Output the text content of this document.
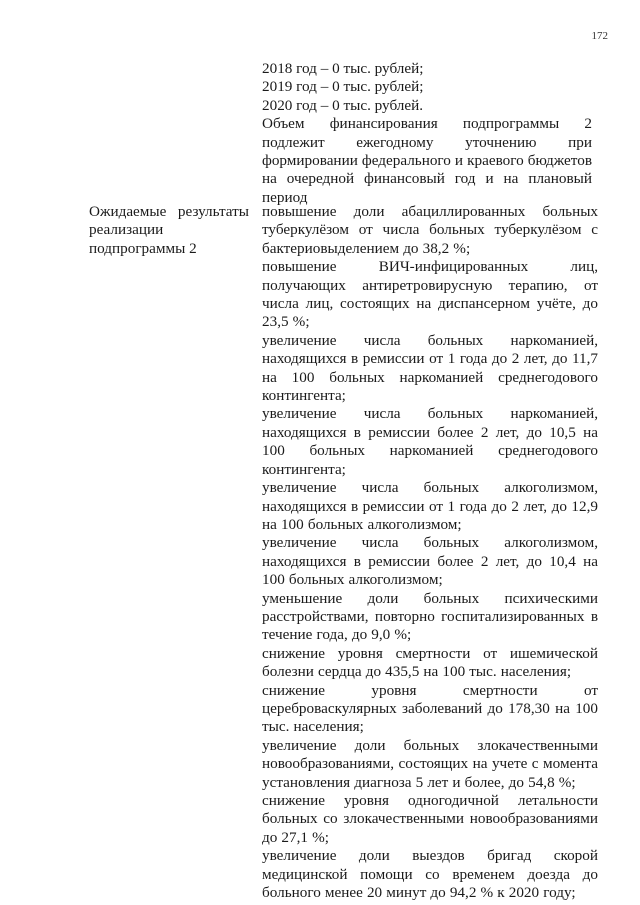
172
2018 год – 0 тыс. рублей;
2019 год – 0 тыс. рублей;
2020 год – 0 тыс. рублей.
Объем финансирования подпрограммы 2 подлежит ежегодному уточнению при формировании федерального и краевого бюджетов на очередной финансовый год и на плановый период
Ожидаемые результаты реализации подпрограммы 2
повышение доли абациллированных больных туберкулёзом от числа больных туберкулёзом с бактериовыделением до 38,2 %;
повышение ВИЧ-инфицированных лиц, получающих антиретровирусную терапию, от числа лиц, состоящих на диспансерном учёте, до 23,5 %;
увеличение числа больных наркоманией, находящихся в ремиссии от 1 года до 2 лет, до 11,7 на 100 больных наркоманией среднегодового контингента;
увеличение числа больных наркоманией, находящихся в ремиссии более 2 лет, до 10,5 на 100 больных наркоманией среднегодового контингента;
увеличение числа больных алкоголизмом, находящихся в ремиссии от 1 года до 2 лет, до 12,9 на 100 больных алкоголизмом;
увеличение числа больных алкоголизмом, находящихся в ремиссии более 2 лет, до 10,4 на 100 больных алкоголизмом;
уменьшение доли больных психическими расстройствами, повторно госпитализированных в течение года, до 9,0 %;
снижение уровня смертности от ишемической болезни сердца до 435,5 на 100 тыс. населения;
снижение уровня смертности от цереброваскулярных заболеваний до 178,30 на 100 тыс. населения;
увеличение доли больных злокачественными новообразованиями, состоящих на учете с момента установления диагноза 5 лет и более, до 54,8 %;
снижение уровня одногодичной летальности больных со злокачественными новообразованиями до 27,1 %;
увеличение доли выездов бригад скорой медицинской помощи со временем доезда до больного менее 20 минут до 94,2 % к 2020 году;
